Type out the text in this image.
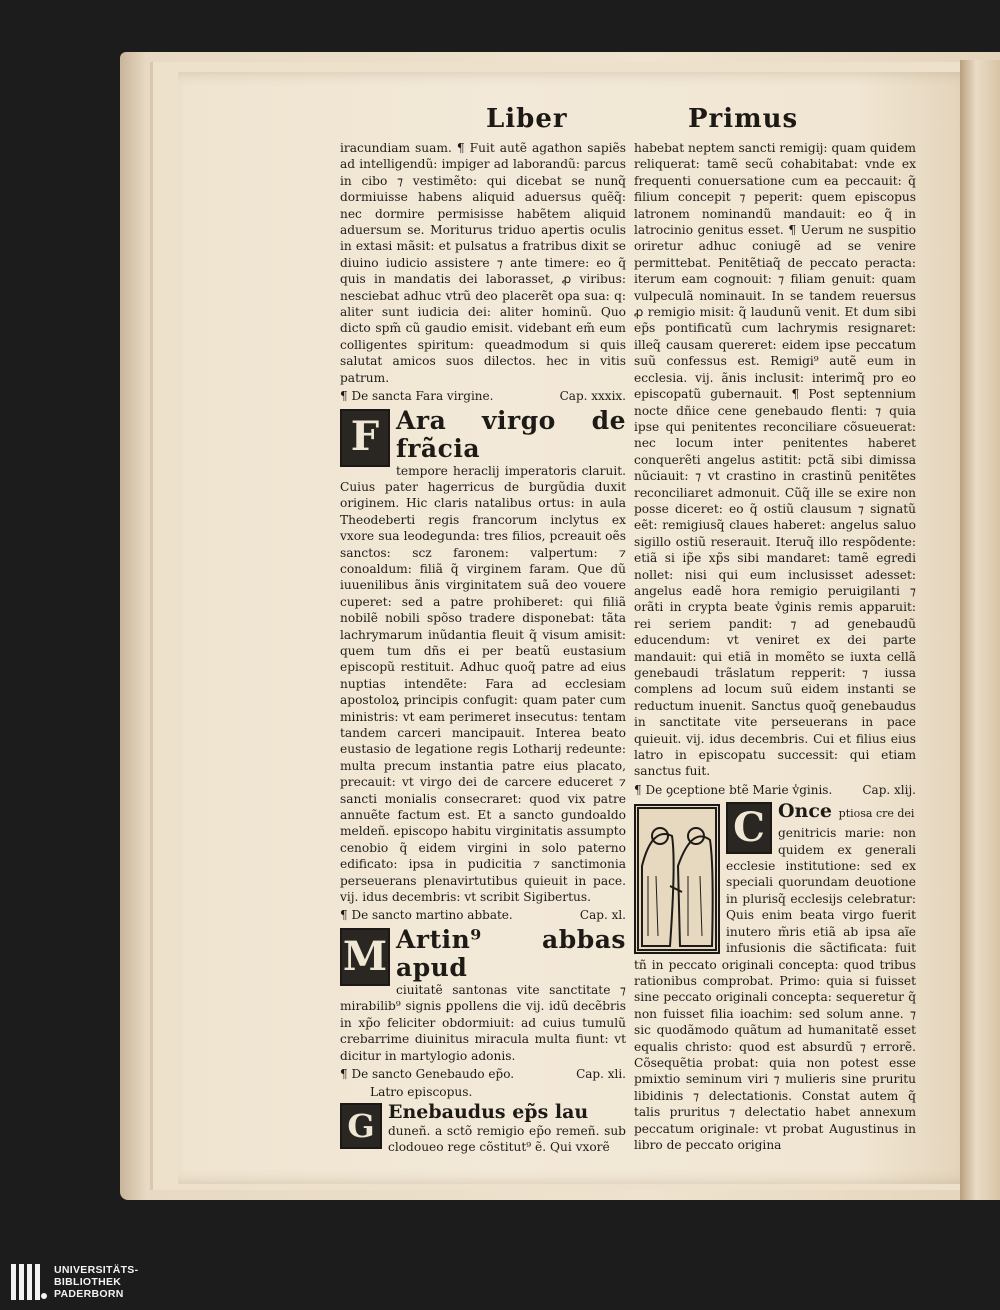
Liber	Primus

iracundiam suam. ¶ Fuit autẽ agathon sapiẽs ad intelligendũ: impiger ad laborandũ: parcus in cibo ⁊ vestimẽto: qui dicebat se nunq̃ dormiuisse habens aliquid aduersus quẽq̃: nec dormire permisisse habẽtem aliquid aduersum se. Moriturus triduo apertis oculis in extasi mãsit: et pulsatus a fratribus dixit se diuino iudicio assistere ⁊ ante timere: eo q̃ quis in mandatis dei laborasset, ꝓ viribus: nesciebat adhuc vtrũ deo placerẽt opa sua: q: aliter sunt iudicia dei: aliter hominũ. Quo dicto spm̃ cũ gaudio emisit. videbant em̃ eum colligentes spiritum: queadmodum si quis salutat amicos suos dilectos. hec in vitis patrum.

¶ De sancta Fara virgine.	Cap. xxxix.
F Ara virgo de frãcia

tempore heraclij imperatoris claruit. Cuius pater hagerricus de burgũdia duxit originem. Hic claris natalibus ortus: in aula Theodeberti regis francorum inclytus ex vxore sua leodegunda: tres filios, pcreauit oẽs sanctos: scz faronem: valpertum: ⁊ conoaldum: filiã q̃ virginem faram. Que dũ iuuenilibus ãnis virginitatem suã deo vouere cuperet: sed a patre prohiberet: qui filiã nobilẽ nobili spõso tradere disponebat: tãta lachrymarum inũdantia fleuit q̃ visum amisit: quem tum dñs ei per beatũ eustasium episcopũ restituit. Adhuc quoq̃ patre ad eius nuptias intendẽte: Fara ad ecclesiam apostoloꝝ principis confugit: quam pater cum ministris: vt eam perimeret insecutus: tentam tandem carceri mancipauit. Interea beato eustasio de legatione regis Lotharij redeunte: multa precum instantia patre eius placato, precauit: vt virgo dei de carcere educeret ⁊ sancti monialis consecraret: quod vix patre annuẽte factum est. Et a sancto gundoaldo meldeñ. episcopo habitu virginitatis assumpto cenobio q̃ eidem virgini in solo paterno edificato: ipsa in pudicitia ⁊ sanctimonia perseuerans plenavirtutibus quieuit in pace. vij. idus decembris: vt scribit Sigibertus.

¶ De sancto martino abbate.	Cap. xl.
M Artin⁹ abbas apud

ciuitatẽ santonas vite sanctitate ⁊ mirabilib⁹ signis ꝑpollens die vij. idũ decẽbris in xp̃o feliciter obdormiuit: ad cuius tumulũ crebarrime diuinitus miracula multa fiunt: vt dicitur in martylogio adonis.

¶ De sancto Genebaudo ep̃o.	Cap. xli.
Latro episcopus.
G Enebaudus ep̃s lau

duneñ. a sctõ remigio ep̃o remeñ. sub clodoueo rege cõstitut⁹ ẽ. Qui vxorẽ

habebat neptem sancti remigij: quam quidem reliquerat: tamẽ secũ cohabitabat: vnde ex frequenti conuersatione cum ea peccauit: q̃ filium concepit ⁊ peperit: quem episcopus latronem nominandũ mandauit: eo q̃ in latrocinio genitus esset. ¶ Uerum ne suspitio oriretur adhuc coniugẽ ad se venire permittebat. Penitẽtiaq̃ de peccato peracta: iterum eam cognouit: ⁊ filiam genuit: quam vulpeculã nominauit. In se tandem reuersus ꝓ remigio misit: q̃ laudunũ venit. Et dum sibi ep̃s pontificatũ cum lachrymis resignaret: illeq̃ causam quereret: eidem ipse peccatum suũ confessus est. Remigi⁹ autẽ eum in ecclesia. vij. ãnis inclusit: interimq̃ pro eo episcopatũ gubernauit. ¶ Post septennium nocte dñice cene genebaudo flenti: ⁊ quia ipse qui penitentes reconciliare cõsueuerat: nec locum inter penitentes haberet conquerẽti angelus astitit: pctã sibi dimissa nũciauit: ⁊ vt crastino in crastinũ penitẽtes reconciliaret admonuit. Cũq̃ ille se exire non posse diceret: eo q̃ ostiũ clausum ⁊ signatũ eẽt: remigiusq̃ claues haberet: angelus saluo sigillo ostiũ reserauit. Iteruq̃ illo respõdente: etiã si ip̃e xp̃s sibi mandaret: tamẽ egredi nollet: nisi qui eum inclusisset adesset: angelus eadẽ hora remigio peruigilanti ⁊ orãti in crypta beate v̾ginis remis apparuit: rei seriem pandit: ⁊ ad genebaudũ educendum: vt veniret ex dei parte mandauit: qui etiã in momẽto se iuxta cellã genebaudi trãslatum repperit: ⁊ iussa complens ad locum suũ eidem instanti se reductum inuenit. Sanctus quoq̃ genebaudus in sanctitate vite perseuerans in pace quieuit. vij. idus decembris. Cui et filius eius latro in episcopatu successit: qui etiam sanctus fuit.

¶ De ꝯceptione btẽ Marie v̾ginis.	Cap. xlij.
C Once ptiosa cre dei

genitricis marie: non quidem ex generali ecclesie institutione: sed ex speciali quorundam deuotione in plurisq̃ ecclesijs celebratur: Quis enim beata virgo fuerit inutero m̃ris etiã ab ipsa aĩe infusionis die sãctificata: fuit tñ in peccato originali concepta: quod tribus rationibus comprobat. Primo: quia si fuisset sine peccato originali concepta: sequeretur q̃ non fuisset filia ioachim: sed solum anne. ⁊ sic quodãmodo quãtum ad humanitatẽ esset equalis christo: quod est absurdũ ⁊ errorẽ. Cõsequẽtia probat: quia non potest esse pmixtio seminum viri ⁊ mulieris sine pruritu libidinis ⁊ delectationis. Constat autem q̃ talis pruritus ⁊ delectatio habet annexum peccatum originale: vt probat Augustinus in libro de peccato origina

UNIVERSITÄTS-
BIBLIOTHEK
PADERBORN
